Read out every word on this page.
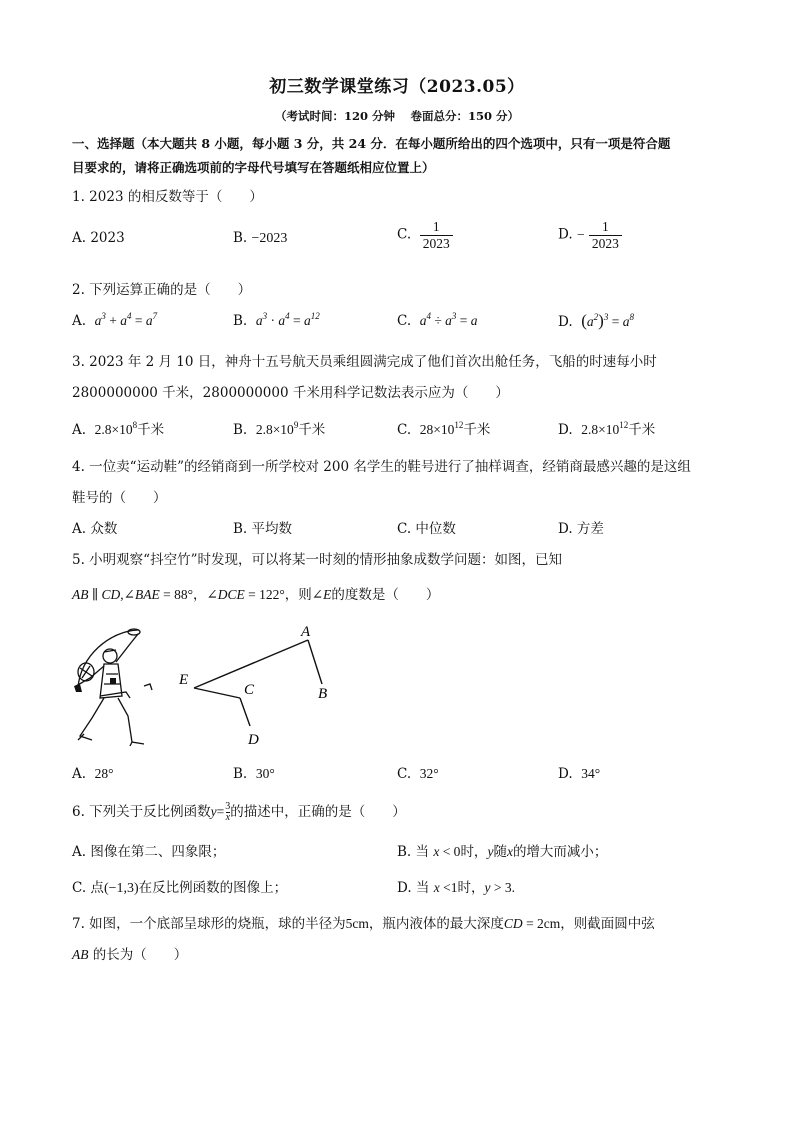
初三数学课堂练习（2023.05）
（考试时间：120 分钟　 卷面总分：150 分）
一、选择题（本大题共 8 小题，每小题 3 分，共 24 分．在每小题所给出的四个选项中，只有一项是符合题
目要求的，请将正确选项前的字母代号填写在答题纸相应位置上）
1. 2023 的相反数等于（　　）
A. 2023	B. −2023	C. $\frac{1}{2023}$	D. − $\frac{1}{2023}$
2. 下列运算正确的是（　　）
A. $a^3 + a^4 = a^7$	B. $a^3 \cdot a^4 = a^{12}$	C. $a^4 \div a^3 = a$	D. $(a^2)^3 = a^8$
3. 2023 年 2 月 10 日，神舟十五号航天员乘组圆满完成了他们首次出舱任务，飞船的时速每小时
2800000000 千米，2800000000 千米用科学记数法表示应为（　　）
A. $2.8\times 10^8$千米	B. $2.8\times 10^9$千米	C. $28\times 10^{12}$千米	D. $2.8\times 10^{12}$千米
4. 一位卖“运动鞋”的经销商到一所学校对 200 名学生的鞋号进行了抽样调查，经销商最感兴趣的是这组
鞋号的（　　）
A. 众数	B. 平均数	C. 中位数	D. 方差
5. 小明观察“抖空竹”时发现，可以将某一时刻的情形抽象成数学问题：如图，已知
AB ∥ CD,∠BAE = 88°，∠DCE = 122°，则∠E的度数是（　　）
A
B
C
D
E
A. 28°	B. 30°	C. 32°	D. 34°
6. 下列关于反比例函数$y= \frac{3}{x}$ 的描述中，正确的是（　　）
A. 图像在第二、四象限；	B. 当 x < 0时，y随x的增大而减小；
C. 点(−1,3)在反比例函数的图像上；	D. 当 x <1时，y > 3.
7. 如图，一个底部呈球形的烧瓶，球的半径为5cm，瓶内液体的最大深度CD = 2cm，则截面圆中弦
AB 的长为（　　）
